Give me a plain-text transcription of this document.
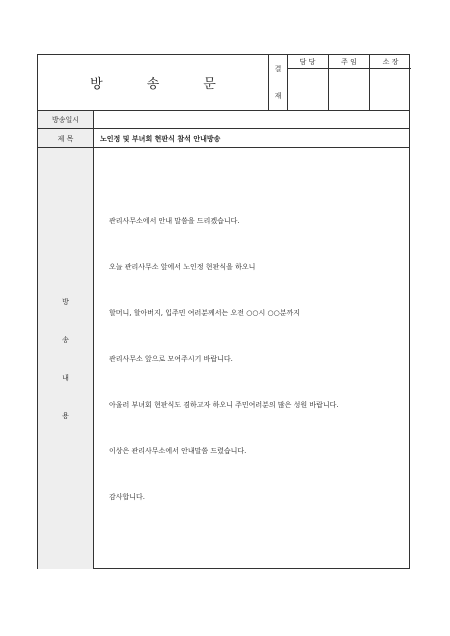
방	송	문
결
재
담 당	주 임	소 장
방송일시
제 목	노인정 및 부녀회 현판식 참석 안내방송
방
송
내
용

관리사무소에서 안내 말씀을 드리겠습니다.

오늘 관리사무소 앞에서 노인정 현판식을 하오니

할머니, 할아버지, 입주민 여러분께서는 오전 ○○시 ○○분까지

관리사무소 앞으로 모여주시기 바랍니다.

아울러 부녀회 현판식도 겸하고자 하오니 주민여러분의 많은 성원 바랍니다.

이상은 관리사무소에서 안내말씀 드렸습니다.

감사합니다.
